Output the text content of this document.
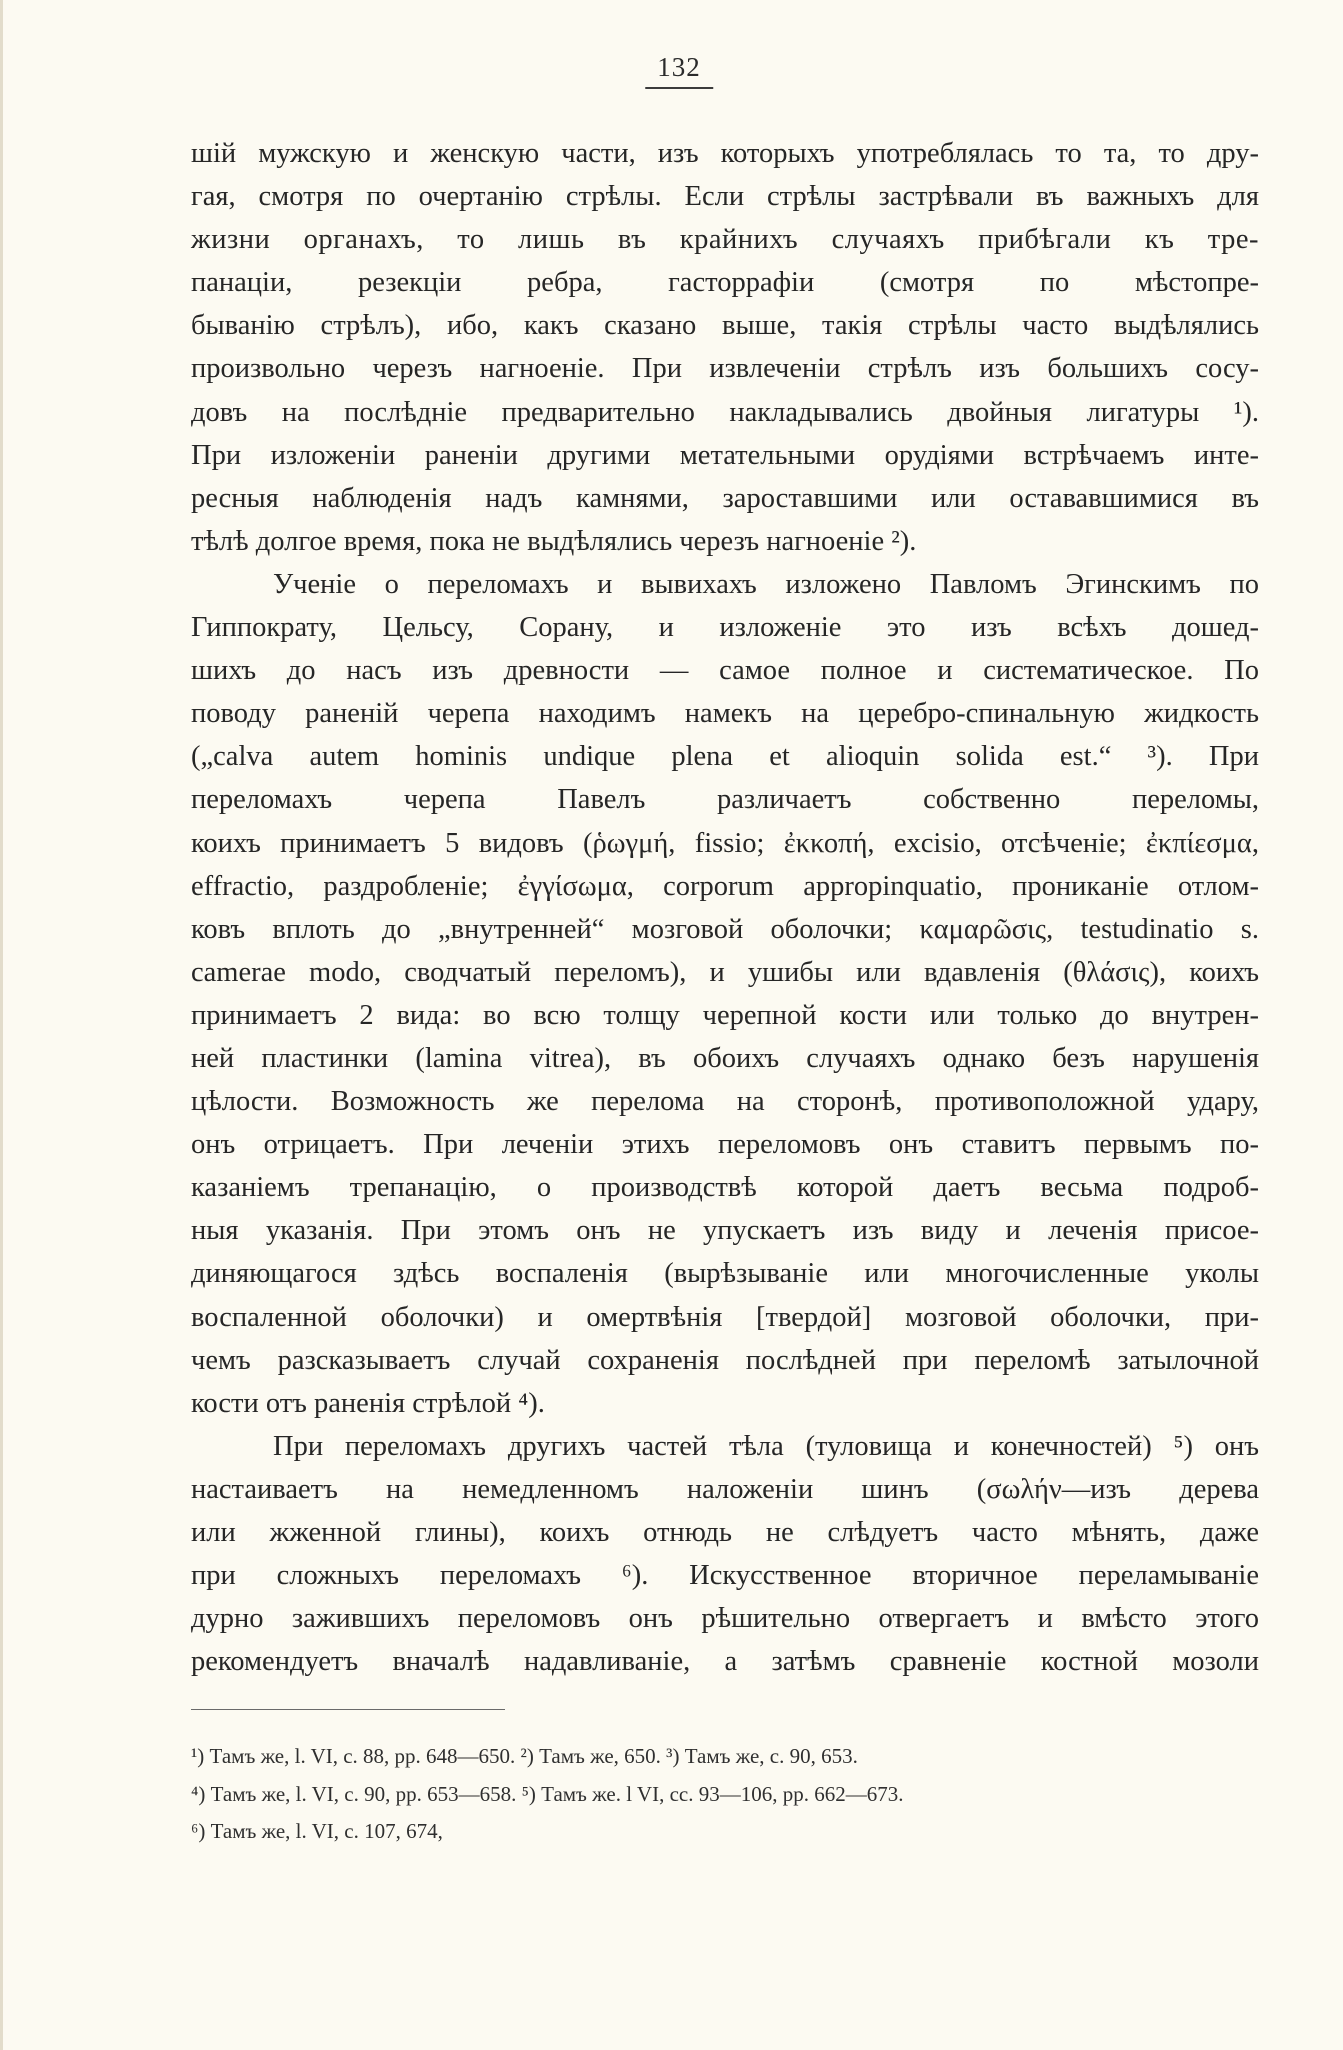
132
шій мужскую и женскую части, изъ которыхъ употреблялась то та, то дру-
гая, смотря по очертанію стрѣлы. Если стрѣлы застрѣвали въ важныхъ для
жизни органахъ, то лишь въ крайнихъ случаяхъ прибѣгали къ тре-
панаціи, резекціи ребра, гасторрафіи (смотря по мѣстопре-
быванію стрѣлъ), ибо, какъ сказано выше, такія стрѣлы часто выдѣлялись
произвольно черезъ нагноеніе. При извлеченіи стрѣлъ изъ большихъ сосу-
довъ на послѣдніе предварительно накладывались двойныя лигатуры ¹).
При изложеніи раненіи другими метательными орудіями встрѣчаемъ инте-
ресныя наблюденія надъ камнями, заростaвшими или остававшимися въ
тѣлѣ долгое время, пока не выдѣлялись черезъ нагноеніе ²).
Ученіе о переломахъ и вывихахъ изложено Павломъ Эгинскимъ по
Гиппократу, Цельсу, Сорану, и изложеніе это изъ всѣхъ дошед-
шихъ до насъ изъ древности — самое полное и систематическое. По
поводу раненій черепа находимъ намекъ на церебро-спинальную жидкость
(„calva autem hominis undique plena et alioquin solida est.“ ³). При
переломахъ черепа Павелъ различаетъ собственно переломы,
коихъ принимаетъ 5 видовъ (ῥωγμή, fissio; ἐκκοπή, excisio, отсѣченіе; ἐκπίεσμα,
effractio, раздробленіе; ἐγγίσωμα, corporum appropinquatio, проникaніе отлом-
ковъ вплоть до „внутренней“ мозговой оболочки; καμαρῶσις, testudinatio s.
camerae modo, сводчатый переломъ), и ушибы или вдавленія (θλάσις), коихъ
принимаетъ 2 вида: во всю толщу черепной кости или только до внутрен-
ней пластинки (lamina vitrea), въ обоихъ случаяхъ однако безъ нарушенія
цѣлости. Возможность же перелома на сторонѣ, противоположной удару,
онъ отрицаетъ. При леченіи этихъ переломовъ онъ ставитъ первымъ по-
казаніемъ трепанацію, о производствѣ которой даетъ весьма подроб-
ныя указанія. При этомъ онъ не упускаетъ изъ виду и леченія присое-
диняющагося здѣсь воспаленія (вырѣзываніе или многочисленные уколы
воспаленной оболочки) и омертвѣнія [твердой] мозговой оболочки, при-
чемъ разсказываетъ случай сохраненія послѣдней при переломѣ затылочной
кости отъ раненія стрѣлой ⁴).
При переломахъ другихъ частей тѣла (туловища и конечностей) ⁵) онъ
настаиваетъ на немедленномъ наложеніи шинъ (σωλήν—изъ дерева
или жженной глины), коихъ отнюдь не слѣдуетъ часто мѣнять, даже
при сложныхъ переломахъ ⁶). Искусственное вторичное переламываніе
дурно зажившихъ переломовъ онъ рѣшительно отвергаетъ и вмѣсто этого
рекомендуетъ вначалѣ надавливаніе, а затѣмъ сравненіе костной мозоли
¹) Тамъ же, l. VI, c. 88, pp. 648—650. ²) Тамъ же, 650. ³) Тамъ же, c. 90, 653.
⁴) Тамъ же, l. VI, c. 90, pp. 653—658. ⁵) Тамъ же. l VI, cc. 93—106, pp. 662—673.
⁶) Тамъ же, l. VI, c. 107, 674,
